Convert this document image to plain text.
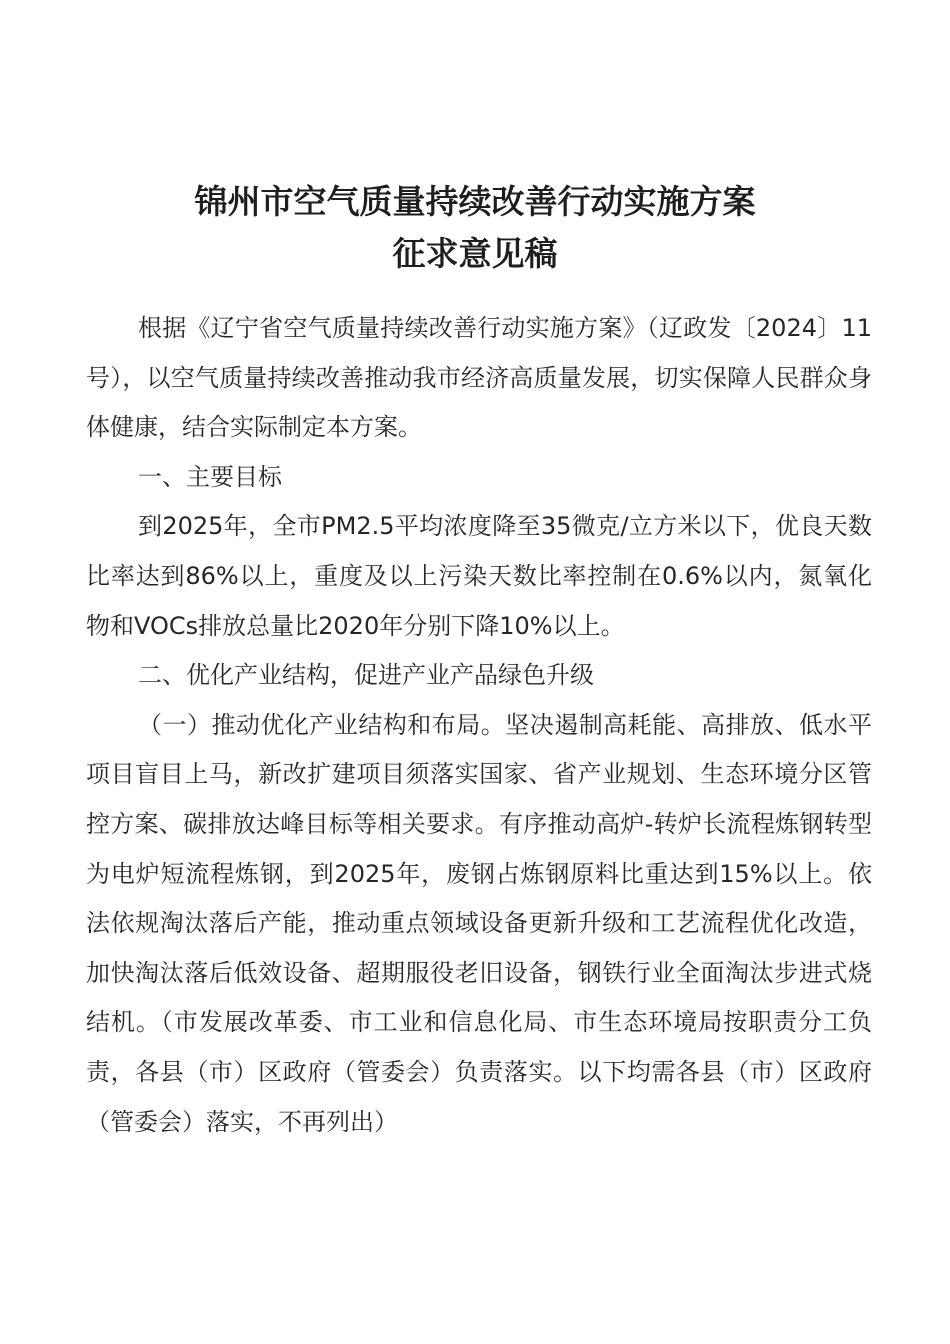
锦州市空气质量持续改善行动实施方案
征求意见稿

根据《辽宁省空气质量持续改善行动实施方案》（辽政发〔2024〕11号），以空气质量持续改善推动我市经济高质量发展，切实保障人民群众身体健康，结合实际制定本方案。

一、主要目标

到2025年，全市PM2.5平均浓度降至35微克/立方米以下，优良天数比率达到86%以上，重度及以上污染天数比率控制在0.6%以内，氮氧化物和VOCs排放总量比2020年分别下降10%以上。

二、优化产业结构，促进产业产品绿色升级

（一）推动优化产业结构和布局。坚决遏制高耗能、高排放、低水平项目盲目上马，新改扩建项目须落实国家、省产业规划、生态环境分区管控方案、碳排放达峰目标等相关要求。有序推动高炉-转炉长流程炼钢转型为电炉短流程炼钢，到2025年，废钢占炼钢原料比重达到15%以上。依法依规淘汰落后产能，推动重点领域设备更新升级和工艺流程优化改造，加快淘汰落后低效设备、超期服役老旧设备，钢铁行业全面淘汰步进式烧结机。（市发展改革委、市工业和信息化局、市生态环境局按职责分工负责，各县（市）区政府（管委会）负责落实。以下均需各县（市）区政府（管委会）落实，不再列出）
